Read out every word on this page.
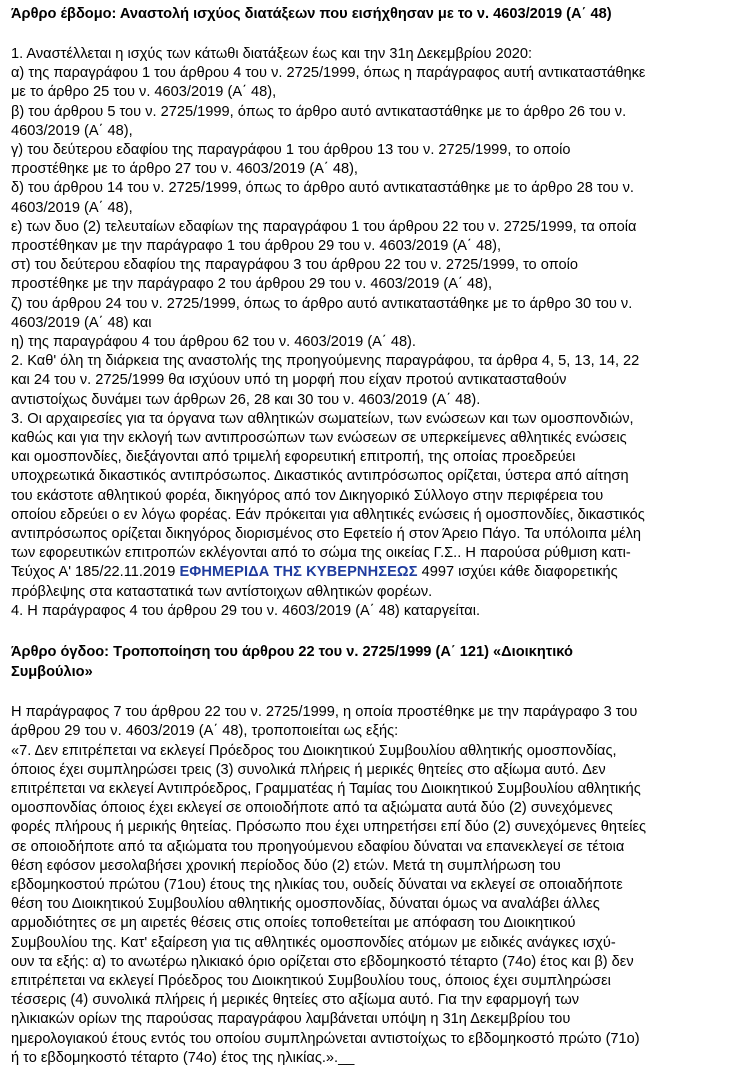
Άρθρο έβδομο: Αναστολή ισχύος διατάξεων που εισήχθησαν με το ν. 4603/2019 (Α΄ 48)

1. Αναστέλλεται η ισχύς των κάτωθι διατάξεων έως και την 31η Δεκεμβρίου 2020:

α) της παραγράφου 1 του άρθρου 4 του ν. 2725/1999, όπως η παράγραφος αυτή αντικαταστάθηκε

με το άρθρο 25 του ν. 4603/2019 (Α΄ 48),

β) του άρθρου 5 του ν. 2725/1999, όπως το άρθρο αυτό αντικαταστάθηκε με το άρθρο 26 του ν.

4603/2019 (Α΄ 48),

γ) του δεύτερου εδαφίου της παραγράφου 1 του άρθρου 13 του ν. 2725/1999, το οποίο

προστέθηκε με το άρθρο 27 του ν. 4603/2019 (Α΄ 48),

δ) του άρθρου 14 του ν. 2725/1999, όπως το άρθρο αυτό αντικαταστάθηκε με το άρθρο 28 του ν.

4603/2019 (Α΄ 48),

ε) των δυο (2) τελευταίων εδαφίων της παραγράφου 1 του άρθρου 22 του ν. 2725/1999, τα οποία

προστέθηκαν με την παράγραφο 1 του άρθρου 29 του ν. 4603/2019 (Α΄ 48),

στ) του δεύτερου εδαφίου της παραγράφου 3 του άρθρου 22 του ν. 2725/1999, το οποίο

προστέθηκε με την παράγραφο 2 του άρθρου 29 του ν. 4603/2019 (Α΄ 48),

ζ) του άρθρου 24 του ν. 2725/1999, όπως το άρθρο αυτό αντικαταστάθηκε με το άρθρο 30 του ν.

4603/2019 (Α΄ 48) και

η) της παραγράφου 4 του άρθρου 62 του ν. 4603/2019 (Α΄ 48).

2. Καθ' όλη τη διάρκεια της αναστολής της προηγούμενης παραγράφου, τα άρθρα 4, 5, 13, 14, 22

και 24 του ν. 2725/1999 θα ισχύουν υπό τη μορφή που είχαν προτού αντικατασταθούν

αντιστοίχως δυνάμει των άρθρων 26, 28 και 30 του ν. 4603/2019 (Α΄ 48).

3. Οι αρχαιρεσίες για τα όργανα των αθλητικών σωματείων, των ενώσεων και των ομοσπονδιών,

καθώς και για την εκλογή των αντιπροσώπων των ενώσεων σε υπερκείμενες αθλητικές ενώσεις

και ομοσπονδίες, διεξάγονται από τριμελή εφορευτική επιτροπή, της οποίας προεδρεύει

υποχρεωτικά δικαστικός αντιπρόσωπος. Δικαστικός αντιπρόσωπος ορίζεται, ύστερα από αίτηση

του εκάστοτε αθλητικού φορέα, δικηγόρος από τον Δικηγορικό Σύλλογο στην περιφέρεια του

οποίου εδρεύει ο εν λόγω φορέας. Εάν πρόκειται για αθλητικές ενώσεις ή ομοσπονδίες, δικαστικός

αντιπρόσωπος ορίζεται δικηγόρος διορισμένος στο Εφετείο ή στον Άρειο Πάγο. Τα υπόλοιπα μέλη

των εφορευτικών επιτροπών εκλέγονται από το σώμα της οικείας Γ.Σ.. Η παρούσα ρύθμιση κατι-

Τεύχος Α' 185/22.11.2019 ΕΦΗΜΕΡΙΔΑ ΤΗΣ ΚΥΒΕΡΝΗΣΕΩΣ 4997 ισχύει κάθε διαφορετικής

πρόβλεψης στα καταστατικά των αντίστοιχων αθλητικών φορέων.

4. Η παράγραφος 4 του άρθρου 29 του ν. 4603/2019 (Α΄ 48) καταργείται.

Άρθρο όγδοο: Τροποποίηση του άρθρου 22 του ν. 2725/1999 (Α΄ 121) «Διοικητικό

Συμβούλιο»

Η παράγραφος 7 του άρθρου 22 του ν. 2725/1999, η οποία προστέθηκε με την παράγραφο 3 του

άρθρου 29 του ν. 4603/2019 (Α΄ 48), τροποποιείται ως εξής:

«7. Δεν επιτρέπεται να εκλεγεί Πρόεδρος του Διοικητικού Συμβουλίου αθλητικής ομοσπονδίας,

όποιος έχει συμπληρώσει τρεις (3) συνολικά πλήρεις ή μερικές θητείες στο αξίωμα αυτό. Δεν

επιτρέπεται να εκλεγεί Αντιπρόεδρος, Γραμματέας ή Ταμίας του Διοικητικού Συμβουλίου αθλητικής

ομοσπονδίας όποιος έχει εκλεγεί σε οποιοδήποτε από τα αξιώματα αυτά δύο (2) συνεχόμενες

φορές πλήρους ή μερικής θητείας. Πρόσωπο που έχει υπηρετήσει επί δύο (2) συνεχόμενες θητείες

σε οποιοδήποτε από τα αξιώματα του προηγούμενου εδαφίου δύναται να επανεκλεγεί σε τέτοια

θέση εφόσον μεσολαβήσει χρονική περίοδος δύο (2) ετών. Μετά τη συμπλήρωση του

εβδομηκοστού πρώτου (71ου) έτους της ηλικίας του, ουδείς δύναται να εκλεγεί σε οποιαδήποτε

θέση του Διοικητικού Συμβουλίου αθλητικής ομοσπονδίας, δύναται όμως να αναλάβει άλλες

αρμοδιότητες σε μη αιρετές θέσεις στις οποίες τοποθετείται με απόφαση του Διοικητικού

Συμβουλίου της. Κατ' εξαίρεση για τις αθλητικές ομοσπονδίες ατόμων με ειδικές ανάγκες ισχύ-

ουν τα εξής: α) το ανωτέρω ηλικιακό όριο ορίζεται στο εβδομηκοστό τέταρτο (74ο) έτος και β) δεν

επιτρέπεται να εκλεγεί Πρόεδρος του Διοικητικού Συμβουλίου τους, όποιος έχει συμπληρώσει

τέσσερις (4) συνολικά πλήρεις ή μερικές θητείες στο αξίωμα αυτό. Για την εφαρμογή των

ηλικιακών ορίων της παρούσας παραγράφου λαμβάνεται υπόψη η 31η Δεκεμβρίου του

ημερολογιακού έτους εντός του οποίου συμπληρώνεται αντιστοίχως το εβδομηκοστό πρώτο (71ο)

ή το εβδομηκοστό τέταρτο (74ο) έτος της ηλικίας.».__
